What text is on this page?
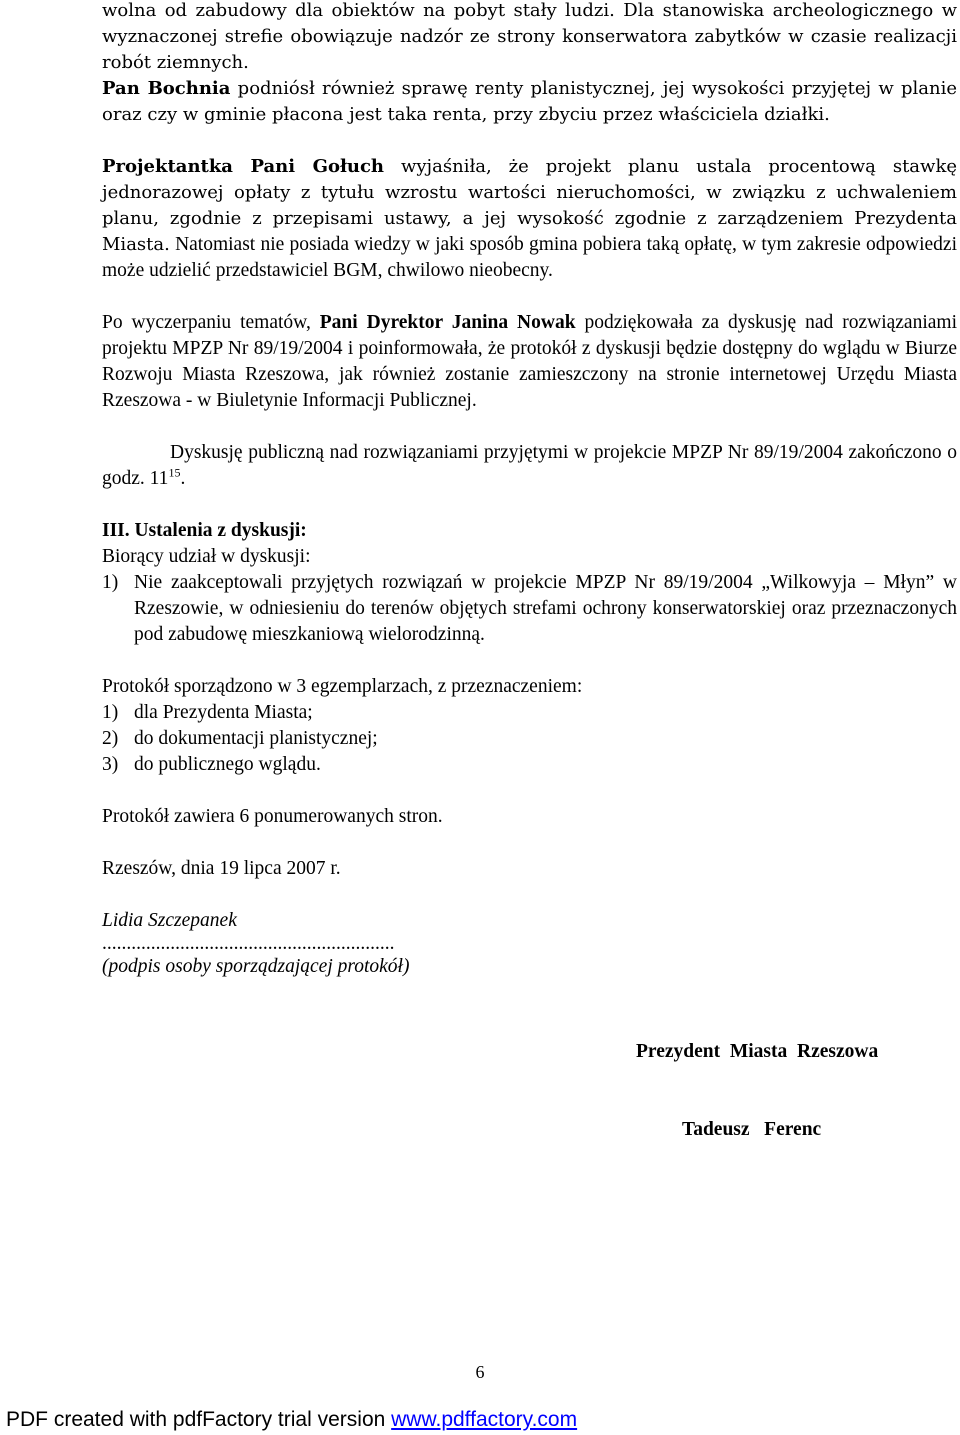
wolna od zabudowy dla obiektów na pobyt stały ludzi. Dla stanowiska archeologicznego w wyznaczonej strefie obowiązuje nadzór ze strony konserwatora zabytków w czasie realizacji robót ziemnych.

Pan Bochnia podniósł również sprawę renty planistycznej, jej wysokości przyjętej w planie oraz czy w gminie płacona jest taka renta, przy zbyciu przez właściciela działki.

Projektantka Pani Gołuch wyjaśniła, że projekt planu ustala procentową stawkę jednorazowej opłaty z tytułu wzrostu wartości nieruchomości, w związku z uchwaleniem planu, zgodnie z przepisami ustawy, a jej wysokość zgodnie z zarządzeniem Prezydenta Miasta. Natomiast nie posiada wiedzy w jaki sposób gmina pobiera taką opłatę, w tym zakresie odpowiedzi może udzielić przedstawiciel BGM, chwilowo nieobecny.

Po wyczerpaniu tematów, Pani Dyrektor Janina Nowak podziękowała za dyskusję nad rozwiązaniami projektu MPZP Nr 89/19/2004 i poinformowała, że protokół z dyskusji będzie dostępny do wglądu w Biurze Rozwoju Miasta Rzeszowa, jak również zostanie zamieszczony na stronie internetowej Urzędu Miasta Rzeszowa - w Biuletynie Informacji Publicznej.

Dyskusję publiczną nad rozwiązaniami przyjętymi w projekcie MPZP Nr 89/19/2004 zakończono o godz. $11^{15}$.

III. Ustalenia z dyskusji:

Biorący udział w dyskusji:

1) Nie zaakceptowali przyjętych rozwiązań w projekcie MPZP Nr 89/19/2004 „Wilkowyja – Młyn” w Rzeszowie, w odniesieniu do terenów objętych strefami ochrony konserwatorskiej oraz przeznaczonych pod zabudowę mieszkaniową wielorodzinną.

Protokół sporządzono w 3 egzemplarzach, z przeznaczeniem:

1) dla Prezydenta Miasta;
2) do dokumentacji planistycznej;
3) do publicznego wglądu.

Protokół zawiera 6 ponumerowanych stron.

Rzeszów, dnia 19 lipca 2007 r.

Lidia Szczepanek

............................................................

(podpis osoby sporządzającej protokół)

Prezydent  Miasta  Rzeszowa
Tadeusz   Ferenc
6
PDF created with pdfFactory trial version www.pdffactory.com
